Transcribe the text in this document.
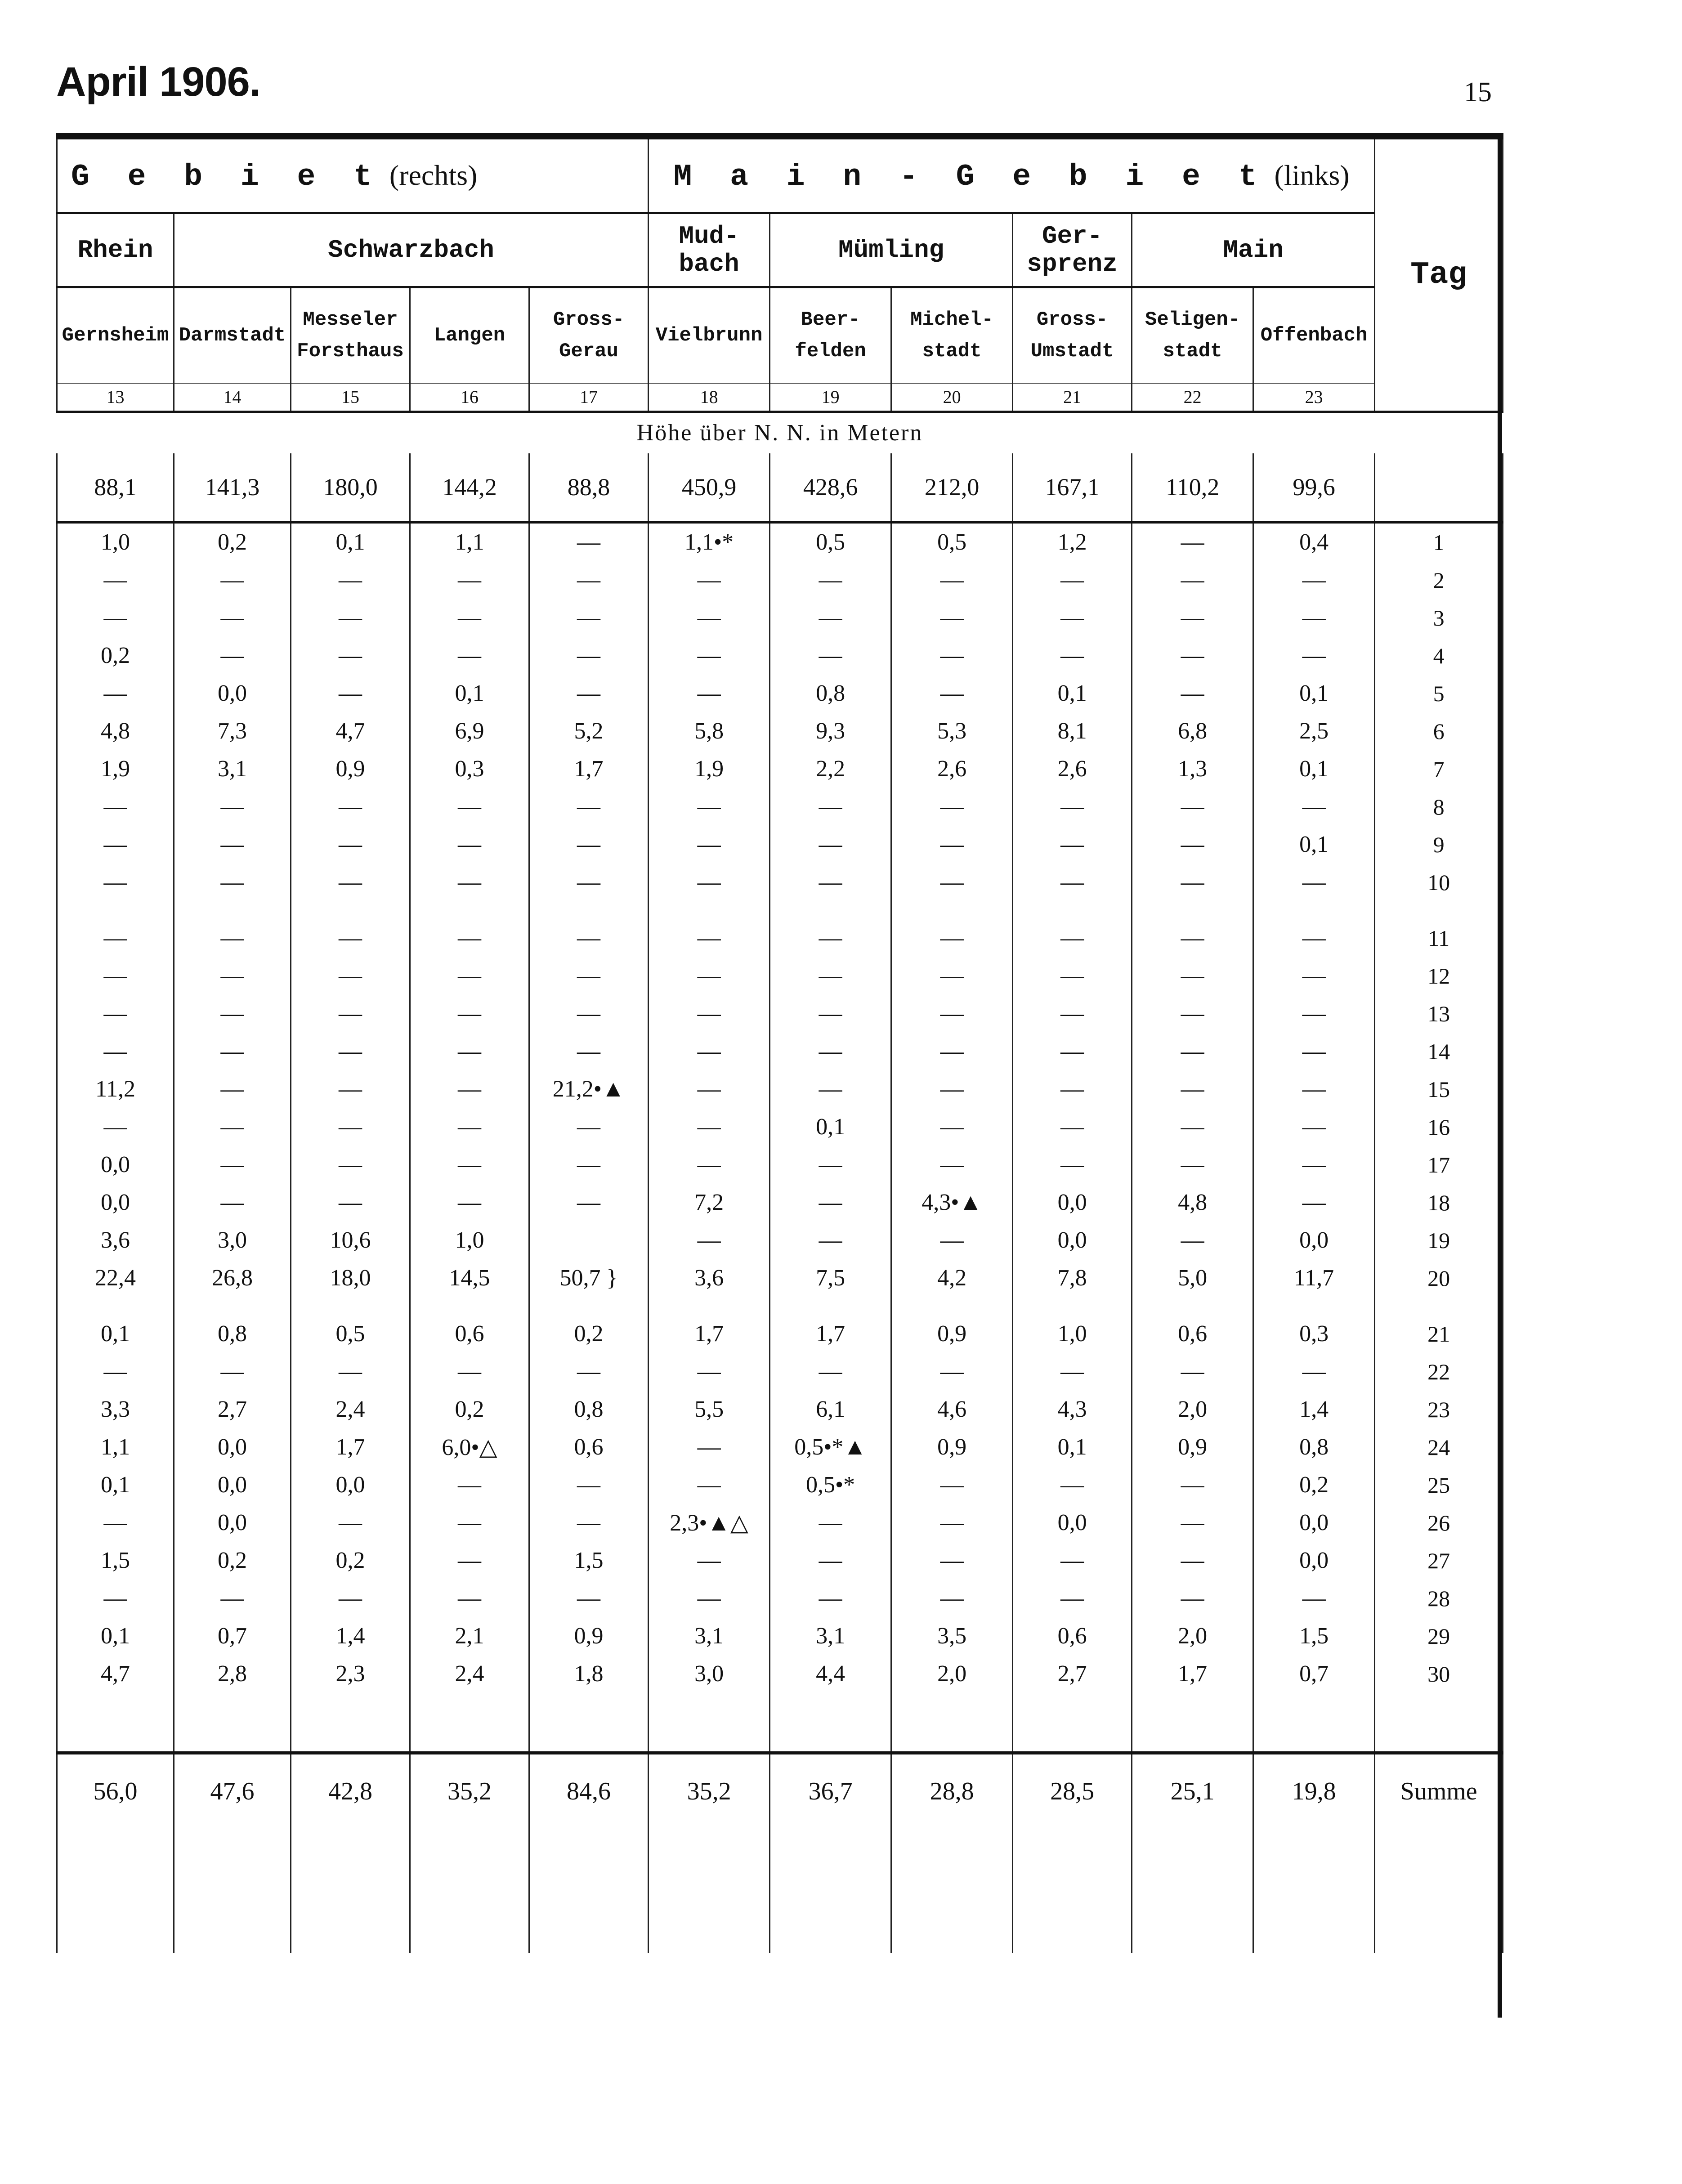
April 1906.	15
G e b i e t (rechts)					M a i n - G e b i e t (links)						Tag
Rhein	Schwarzbach				Mud-bach	Mümling		Ger-sprenz	Main		
Gernsheim	Darmstadt	Messeler Forsthaus	Langen	Gross-Gerau	Vielbrunn	Beer-felden	Michel-stadt	Gross-Umstadt	Seligen-stadt	Offenbach	
13	14	15	16	17	18	19	20	21	22	23	
Höhe über N. N. in Metern											
88,1	141,3	180,0	144,2	88,8	450,9	428,6	212,0	167,1	110,2	99,6	
1,0	0,2	0,1	1,1	—	1,1•*	0,5	0,5	1,2	—	0,4	1
—	—	—	—	—	—	—	—	—	—	—	2
—	—	—	—	—	—	—	—	—	—	—	3
0,2	—	—	—	—	—	—	—	—	—	—	4
—	0,0	—	0,1	—	—	0,8	—	0,1	—	0,1	5
4,8	7,3	4,7	6,9	5,2	5,8	9,3	5,3	8,1	6,8	2,5	6
1,9	3,1	0,9	0,3	1,7	1,9	2,2	2,6	2,6	1,3	0,1	7
—	—	—	—	—	—	—	—	—	—	—	8
—	—	—	—	—	—	—	—	—	—	0,1	9
—	—	—	—	—	—	—	—	—	—	—	10

—	—	—	—	—	—	—	—	—	—	—	11
—	—	—	—	—	—	—	—	—	—	—	12
—	—	—	—	—	—	—	—	—	—	—	13
—	—	—	—	—	—	—	—	—	—	—	14
11,2	—	—	—	21,2•▲	—	—	—	—	—	—	15
—	—	—	—	—	—	0,1	—	—	—	—	16
0,0	—	—	—	—	—	—	—	—	—	—	17
0,0	—	—	—	—	7,2	—	4,3•▲	0,0	4,8	—	18
3,6	3,0	10,6	1,0		—	—	—	0,0	—	0,0	19
22,4	26,8	18,0	14,5	50,7 }	3,6	7,5	4,2	7,8	5,0	11,7	20

0,1	0,8	0,5	0,6	0,2	1,7	1,7	0,9	1,0	0,6	0,3	21
—	—	—	—	—	—	—	—	—	—	—	22
3,3	2,7	2,4	0,2	0,8	5,5	6,1	4,6	4,3	2,0	1,4	23
1,1	0,0	1,7	6,0•△	0,6	—	0,5•*▲	0,9	0,1	0,9	0,8	24
0,1	0,0	0,0	—	—	—	0,5•*	—	—	—	0,2	25
—	0,0	—	—	—	2,3•▲△	—	—	0,0	—	0,0	26
1,5	0,2	0,2	—	1,5	—	—	—	—	—	0,0	27
—	—	—	—	—	—	—	—	—	—	—	28
0,1	0,7	1,4	2,1	0,9	3,1	3,1	3,5	0,6	2,0	1,5	29
4,7	2,8	2,3	2,4	1,8	3,0	4,4	2,0	2,7	1,7	0,7	30

56,0	47,6	42,8	35,2	84,6	35,2	36,7	28,8	28,5	25,1	19,8	Summe
